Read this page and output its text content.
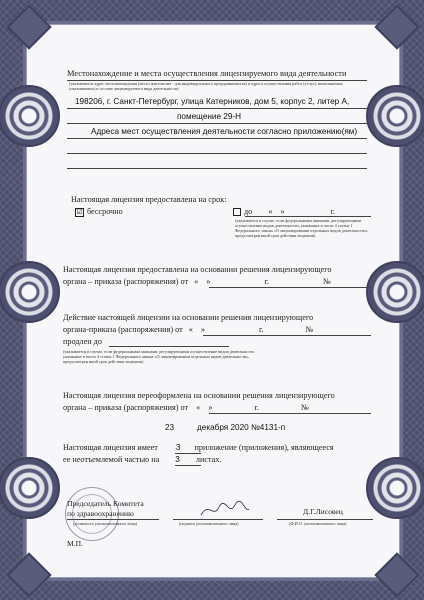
Местонахождение и места осуществления лицензируемого вида деятельности
(указываются адрес местонахождения (место жительства - для индивидуального предпринимателя) и адреса осуществления работ (услуг), выполняемых (оказываемых) в составе лицензируемого вида деятельности)
198206, г. Санкт-Петербург, улица Катерников, дом 5, корпус 2, литер А,
помещение 29-Н
Адреса мест осуществления деятельности согласно приложению(ям)
Настоящая лицензия предоставлена на срок:
☑ бессрочно	до « »	г.
(указывается в случае, если федеральными законами, регулирующими осуществление видов деятельности, указанных в части 4 статьи 1 Федерального закона «О лицензировании отдельных видов деятельности» предусмотрен иной срок действия лицензии)
Настоящая лицензия предоставлена на основании решения лицензирующего
органа – приказа (распоряжения) от « »	г.	№
Действие настоящей лицензии на основании решения лицензирующего
органа-приказа (распоряжения) от « »	г.	№
продлен до
(указывается в случае, если федеральными законами, регулирующими осуществление видов деятельности, указанных в части 4 статьи 1 Федерального закона «О лицензировании отдельных видов деятельности», предусмотрен иной срок действия лицензии)
Настоящая лицензия переоформлена на основании решения лицензирующего
органа – приказа (распоряжения) от « »	г.	№
23	декабря 2020 №4131-п
Настоящая лицензия имеет 3 приложение (приложения), являющееся
ее неотъемлемой частью на 3 листах.
Председатель Комитета
по здравоохранению
(должность уполномоченного лица)	(подпись уполномоченного лица)
Д.Г.Лисовец
(Ф.И.О. уполномоченного лица)
М.П.
